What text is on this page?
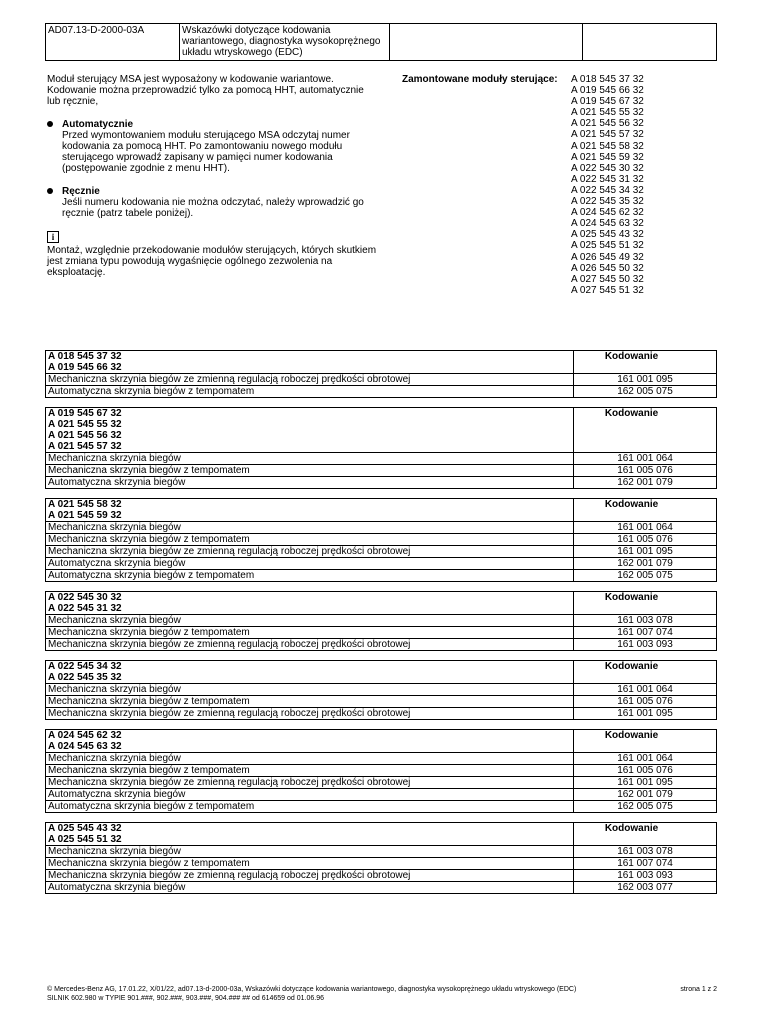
AD07.13-D-2000-03A	Wskazówki dotyczące kodowania wariantowego, diagnostyka wysokoprężnego układu wtryskowego (EDC)

Moduł sterujący MSA jest wyposażony w kodowanie wariantowe. Kodowanie można przeprowadzić tylko za pomocą HHT, automatycznie lub ręcznie,

Automatycznie
Przed wymontowaniem modułu sterującego MSA odczytaj numer kodowania za pomocą HHT. Po zamontowaniu nowego modułu sterującego wprowadź zapisany w pamięci numer kodowania (postępowanie zgodnie z menu HHT).
Ręcznie
Jeśli numeru kodowania nie można odczytać, należy wprowadzić go ręcznie (patrz tabele poniżej).
i
Montaż, względnie przekodowanie modułów sterujących, których skutkiem jest zmiana typu powodują wygaśnięcie ogólnego zezwolenia na eksploatację.
Zamontowane moduły sterujące: A 018 545 37 32
A 019 545 66 32
A 019 545 67 32
A 021 545 55 32
A 021 545 56 32
A 021 545 57 32
A 021 545 58 32
A 021 545 59 32
A 022 545 30 32
A 022 545 31 32
A 022 545 34 32
A 022 545 35 32
A 024 545 62 32
A 024 545 63 32
A 025 545 43 32
A 025 545 51 32
A 026 545 49 32
A 026 545 50 32
A 027 545 50 32
A 027 545 51 32
A 018 545 37 32
A 019 545 66 32	Kodowanie
Mechaniczna skrzynia biegów ze zmienną regulacją roboczej prędkości obrotowej	161 001 095
Automatyczna skrzynia biegów z tempomatem	162 005 075
A 019 545 67 32
A 021 545 55 32
A 021 545 56 32
A 021 545 57 32	Kodowanie
Mechaniczna skrzynia biegów	161 001 064
Mechaniczna skrzynia biegów z tempomatem	161 005 076
Automatyczna skrzynia biegów	162 001 079
A 021 545 58 32
A 021 545 59 32	Kodowanie
Mechaniczna skrzynia biegów	161 001 064
Mechaniczna skrzynia biegów z tempomatem	161 005 076
Mechaniczna skrzynia biegów ze zmienną regulacją roboczej prędkości obrotowej	161 001 095
Automatyczna skrzynia biegów	162 001 079
Automatyczna skrzynia biegów z tempomatem	162 005 075
A 022 545 30 32
A 022 545 31 32	Kodowanie
Mechaniczna skrzynia biegów	161 003 078
Mechaniczna skrzynia biegów z tempomatem	161 007 074
Mechaniczna skrzynia biegów ze zmienną regulacją roboczej prędkości obrotowej	161 003 093
A 022 545 34 32
A 022 545 35 32	Kodowanie
Mechaniczna skrzynia biegów	161 001 064
Mechaniczna skrzynia biegów z tempomatem	161 005 076
Mechaniczna skrzynia biegów ze zmienną regulacją roboczej prędkości obrotowej	161 001 095
A 024 545 62 32
A 024 545 63 32	Kodowanie
Mechaniczna skrzynia biegów	161 001 064
Mechaniczna skrzynia biegów z tempomatem	161 005 076
Mechaniczna skrzynia biegów ze zmienną regulacją roboczej prędkości obrotowej	161 001 095
Automatyczna skrzynia biegów	162 001 079
Automatyczna skrzynia biegów z tempomatem	162 005 075
A 025 545 43 32
A 025 545 51 32	Kodowanie
Mechaniczna skrzynia biegów	161 003 078
Mechaniczna skrzynia biegów z tempomatem	161 007 074
Mechaniczna skrzynia biegów ze zmienną regulacją roboczej prędkości obrotowej	161 003 093
Automatyczna skrzynia biegów	162 003 077
© Mercedes-Benz AG, 17.01.22, X/01/22, ad07.13-d-2000-03a, Wskazówki dotyczące kodowania wariantowego, diagnostyka wysokoprężnego układu wtryskowego (EDC)
SILNIK 602.980 w TYPIE 901.###, 902.###, 903.###, 904.### ## od 614659 od 01.06.96
strona 1 z 2
